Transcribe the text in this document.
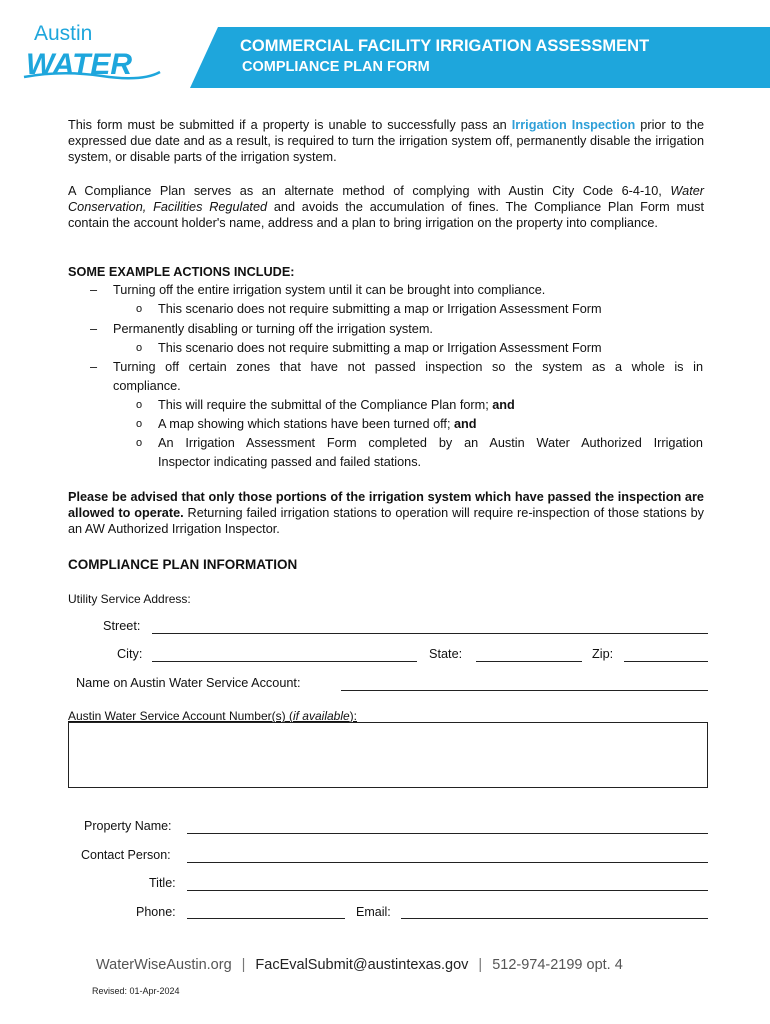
Austin
WATER
COMMERCIAL FACILITY IRRIGATION ASSESSMENT
COMPLIANCE PLAN FORM

This form must be submitted if a property is unable to successfully pass an Irrigation Inspection prior to the expressed due date and as a result, is required to turn the irrigation system off, permanently disable the irrigation system, or disable parts of the irrigation system.

A Compliance Plan serves as an alternate method of complying with Austin City Code 6-4-10, Water Conservation, Facilities Regulated and avoids the accumulation of fines. The Compliance Plan Form must contain the account holder's name, address and a plan to bring irrigation on the property into compliance.

SOME EXAMPLE ACTIONS INCLUDE:
– Turning off the entire irrigation system until it can be brought into compliance.
o This scenario does not require submitting a map or Irrigation Assessment Form
– Permanently disabling or turning off the irrigation system.
o This scenario does not require submitting a map or Irrigation Assessment Form
– Turning off certain zones that have not passed inspection so the system as a whole is in
compliance.
o This will require the submittal of the Compliance Plan form; and
o A map showing which stations have been turned off; and
o An Irrigation Assessment Form completed by an Austin Water Authorized Irrigation
Inspector indicating passed and failed stations.

Please be advised that only those portions of the irrigation system which have passed the inspection are allowed to operate. Returning failed irrigation stations to operation will require re-inspection of those stations by an AW Authorized Irrigation Inspector.

COMPLIANCE PLAN INFORMATION
Utility Service Address:
Street:
City:	State:	Zip:
Name on Austin Water Service Account:
Austin Water Service Account Number(s) (if available):
Property Name:
Contact Person:
Title:
Phone:	Email:
WaterWiseAustin.org | FacEvalSubmit@austintexas.gov | 512-974-2199 opt. 4
Revised: 01-Apr-2024
